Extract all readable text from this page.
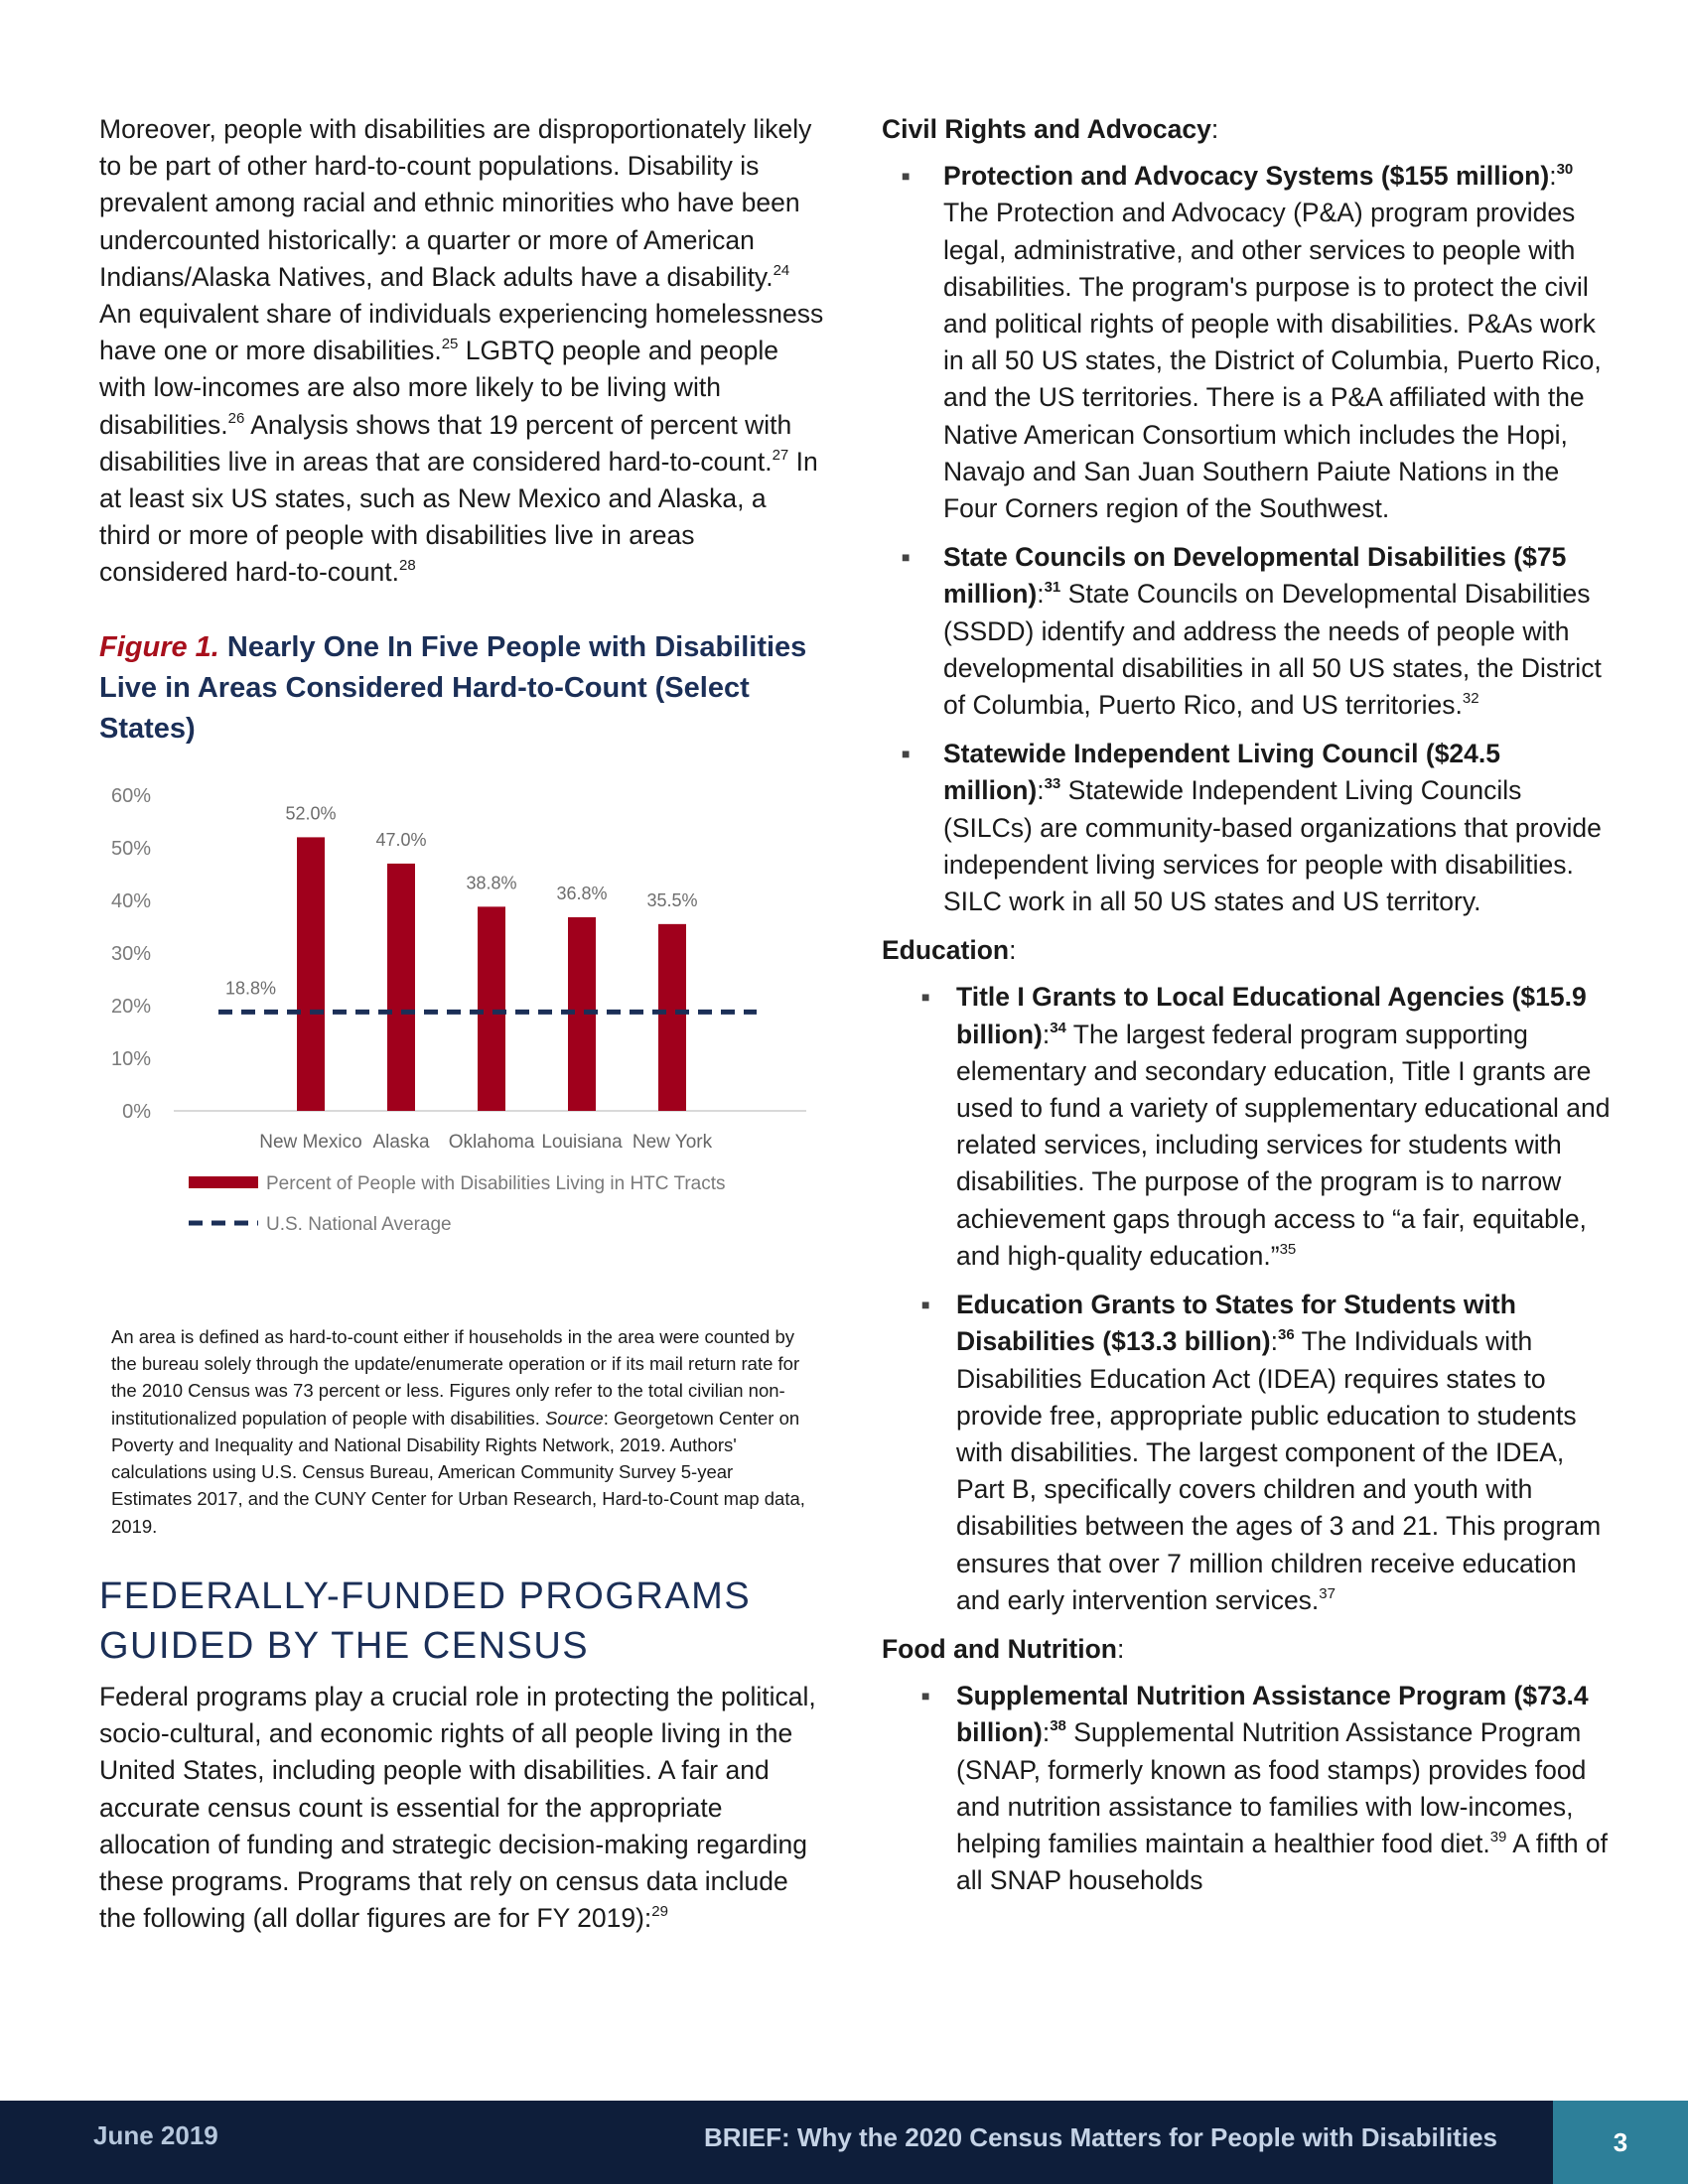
Moreover, people with disabilities are disproportionately likely to be part of other hard-to-count populations. Disability is prevalent among racial and ethnic minorities who have been undercounted historically: a quarter or more of American Indians/Alaska Natives, and Black adults have a disability.$^{24}$ An equivalent share of individuals experiencing homelessness have one or more disabilities.$^{25}$ LGBTQ people and people with low-incomes are also more likely to be living with disabilities.$^{26}$ Analysis shows that 19 percent of percent with disabilities live in areas that are considered hard-to-count.$^{27}$ In at least six US states, such as New Mexico and Alaska, a third or more of people with disabilities live in areas considered hard-to-count.$^{28}$

Figure 1. Nearly One In Five People with Disabilities Live in Areas Considered Hard-to-Count (Select States)
0%
10%
20%
30%
40%
50%
60%
52.0%
New Mexico
47.0%
Alaska
38.8%
Oklahoma
36.8%
Louisiana
35.5%
New York
18.8%
Percent of People with Disabilities Living in HTC Tracts
U.S. National Average

An area is defined as hard-to-count either if households in the area were counted by the bureau solely through the update/enumerate operation or if its mail return rate for the 2010 Census was 73 percent or less. Figures only refer to the total civilian non-institutionalized population of people with disabilities. Source: Georgetown Center on Poverty and Inequality and National Disability Rights Network, 2019. Authors' calculations using U.S. Census Bureau, American Community Survey 5-year Estimates 2017, and the CUNY Center for Urban Research, Hard-to-Count map data, 2019.

FEDERALLY-FUNDED PROGRAMS GUIDED BY THE CENSUS

Federal programs play a crucial role in protecting the political, socio-cultural, and economic rights of all people living in the United States, including people with disabilities. A fair and accurate census count is essential for the appropriate allocation of funding and strategic decision-making regarding these programs. Programs that rely on census data include the following (all dollar figures are for FY 2019):$^{29}$

Civil Rights and Advocacy:
■ Protection and Advocacy Systems ($155 million):$^{30}$ The Protection and Advocacy (P&A) program provides legal, administrative, and other services to people with disabilities. The program's purpose is to protect the civil and political rights of people with disabilities. P&As work in all 50 US states, the District of Columbia, Puerto Rico, and the US territories. There is a P&A affiliated with the Native American Consortium which includes the Hopi, Navajo and San Juan Southern Paiute Nations in the Four Corners region of the Southwest.
■ State Councils on Developmental Disabilities ($75 million):$^{31}$ State Councils on Developmental Disabilities (SSDD) identify and address the needs of people with developmental disabilities in all 50 US states, the District of Columbia, Puerto Rico, and US territories.$^{32}$
■ Statewide Independent Living Council ($24.5 million):$^{33}$ Statewide Independent Living Councils (SILCs) are community-based organizations that provide independent living services for people with disabilities. SILC work in all 50 US states and US territory.
Education:
■ Title I Grants to Local Educational Agencies ($15.9 billion):$^{34}$ The largest federal program supporting elementary and secondary education, Title I grants are used to fund a variety of supplementary educational and related services, including services for students with disabilities. The purpose of the program is to narrow achievement gaps through access to “a fair, equitable, and high-quality education.”$^{35}$
■ Education Grants to States for Students with Disabilities ($13.3 billion):$^{36}$ The Individuals with Disabilities Education Act (IDEA) requires states to provide free, appropriate public education to students with disabilities. The largest component of the IDEA, Part B, specifically covers children and youth with disabilities between the ages of 3 and 21. This program ensures that over 7 million children receive education and early intervention services.$^{37}$
Food and Nutrition:
■ Supplemental Nutrition Assistance Program ($73.4 billion):$^{38}$ Supplemental Nutrition Assistance Program (SNAP, formerly known as food stamps) provides food and nutrition assistance to families with low-incomes, helping families maintain a healthier food diet.$^{39}$ A fifth of all SNAP households
June 2019	BRIEF: Why the 2020 Census Matters for People with Disabilities	3
